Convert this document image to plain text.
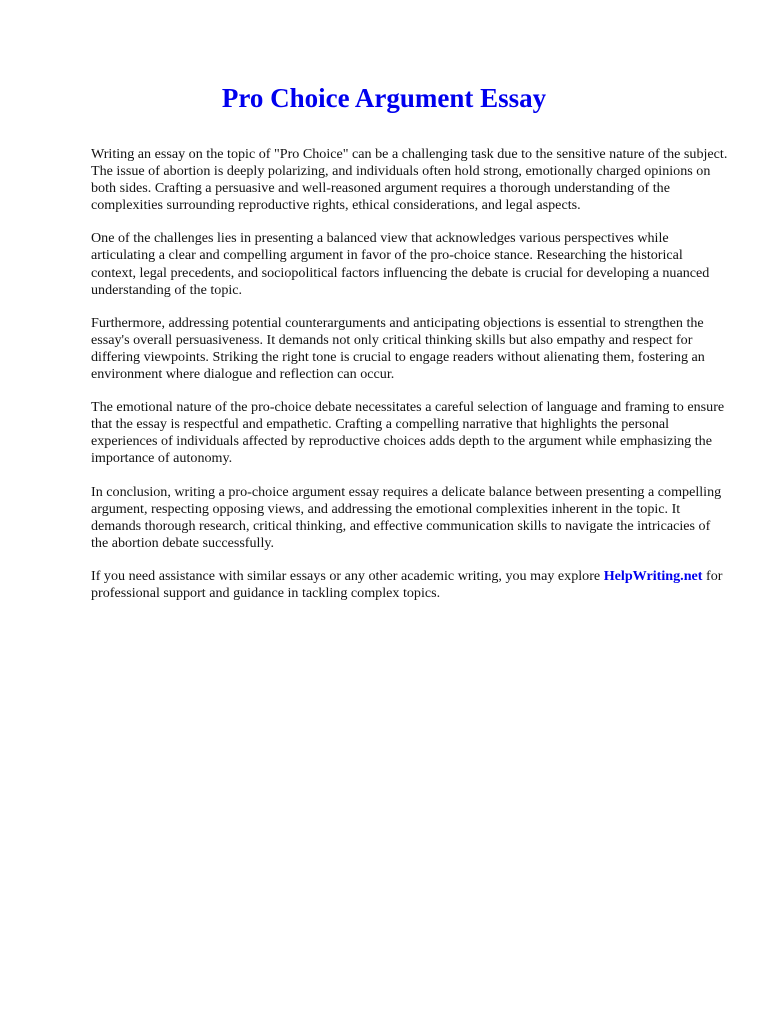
Pro Choice Argument Essay

Writing an essay on the topic of "Pro Choice" can be a challenging task due to the sensitive nature of the subject. The issue of abortion is deeply polarizing, and individuals often hold strong, emotionally charged opinions on both sides. Crafting a persuasive and well-reasoned argument requires a thorough understanding of the complexities surrounding reproductive rights, ethical considerations, and legal aspects.

One of the challenges lies in presenting a balanced view that acknowledges various perspectives while articulating a clear and compelling argument in favor of the pro-choice stance. Researching the historical context, legal precedents, and sociopolitical factors influencing the debate is crucial for developing a nuanced understanding of the topic.

Furthermore, addressing potential counterarguments and anticipating objections is essential to strengthen the essay's overall persuasiveness. It demands not only critical thinking skills but also empathy and respect for differing viewpoints. Striking the right tone is crucial to engage readers without alienating them, fostering an environment where dialogue and reflection can occur.

The emotional nature of the pro-choice debate necessitates a careful selection of language and framing to ensure that the essay is respectful and empathetic. Crafting a compelling narrative that highlights the personal experiences of individuals affected by reproductive choices adds depth to the argument while emphasizing the importance of autonomy.

In conclusion, writing a pro-choice argument essay requires a delicate balance between presenting a compelling argument, respecting opposing views, and addressing the emotional complexities inherent in the topic. It demands thorough research, critical thinking, and effective communication skills to navigate the intricacies of the abortion debate successfully.

If you need assistance with similar essays or any other academic writing, you may explore HelpWriting.net for professional support and guidance in tackling complex topics.
